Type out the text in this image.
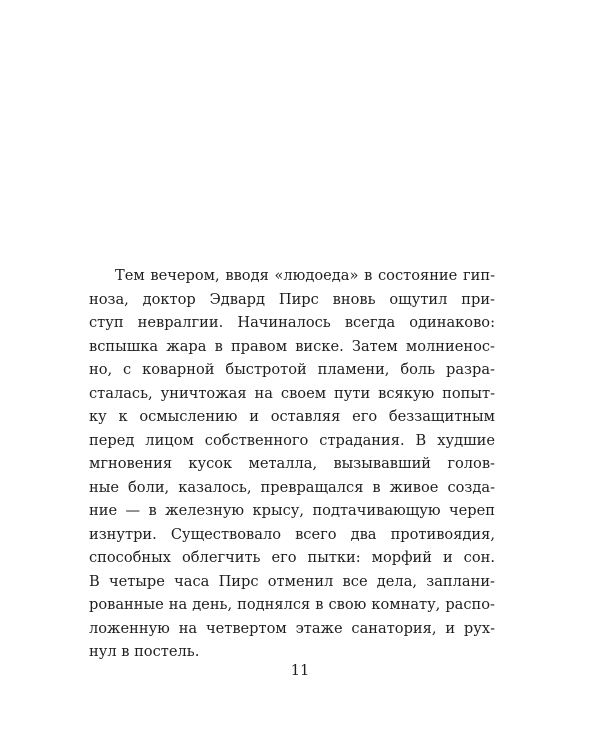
Тем вечером, вводя «людоеда» в состояние гип-
ноза, доктор Эдвард Пирс вновь ощутил при-
ступ невралгии. Начиналось всегда одинаково:
вспышка жара в правом виске. Затем молниенос-
но, с коварной быстротой пламени, боль разра-
сталась, уничтожая на своем пути всякую попыт-
ку к осмыслению и оставляя его беззащитным
перед лицом собственного страдания. В худшие
мгновения кусок металла, вызывавший голов-
ные боли, казалось, превращался в живое созда-
ние — в железную крысу, подтачивающую череп
изнутри. Существовало всего два противоядия,
способных облегчить его пытки: морфий и сон.
В четыре часа Пирс отменил все дела, заплани-
рованные на день, поднялся в свою комнату, распо-
ложенную на четвертом этаже санатория, и рух-
нул в постель.
11
